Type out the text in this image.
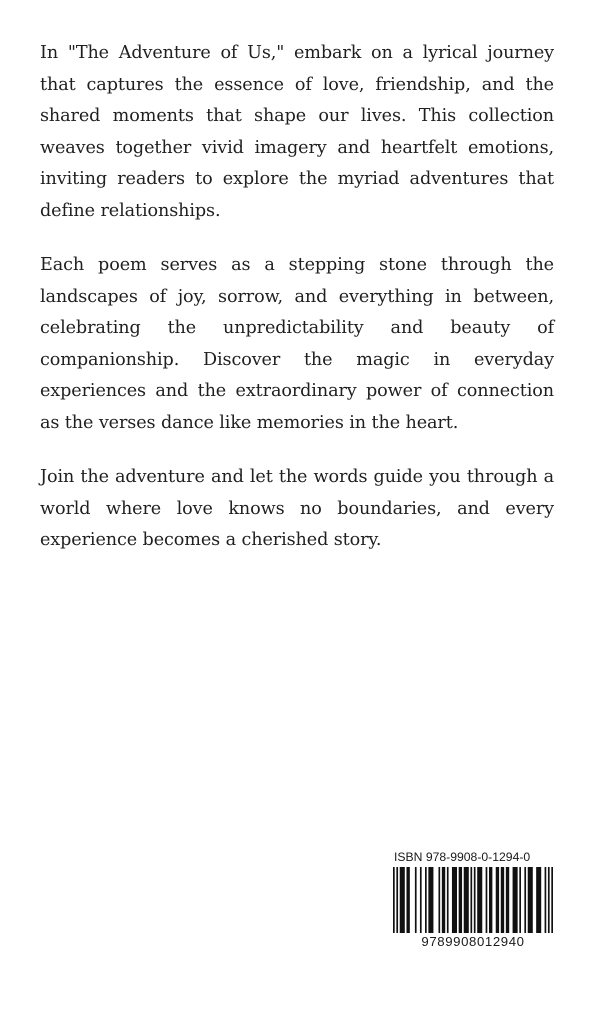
In "The Adventure of Us," embark on a lyrical journey that captures the essence of love, friendship, and the shared moments that shape our lives. This collection weaves together vivid imagery and heartfelt emotions, inviting readers to explore the myriad adventures that define relationships.

Each poem serves as a stepping stone through the landscapes of joy, sorrow, and everything in between, celebrating the unpredictability and beauty of companionship. Discover the magic in everyday experiences and the extraordinary power of connection as the verses dance like memories in the heart.

Join the adventure and let the words guide you through a world where love knows no boundaries, and every experience becomes a cherished story.

ISBN 978-9908-0-1294-0
9789908012940
